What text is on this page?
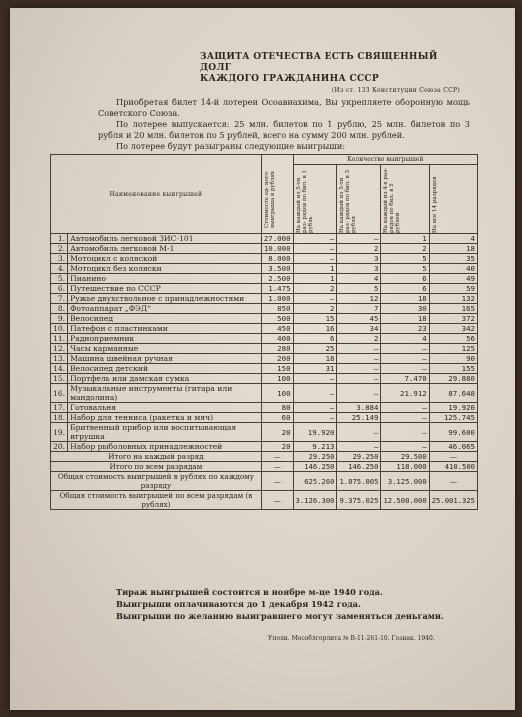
ЗАЩИТА ОТЕЧЕСТВА ЕСТЬ СВЯЩЕННЫЙ ДОЛГ
КАЖДОГО ГРАЖДАНИНА СССР
(Из ст. 133 Конституции Союза ССР)

Приобретая билет 14-й лотереи Осоавиахима, Вы укрепляете оборонную мощь Советского Союза.

По лотерее выпускается: 25 млн. билетов по 1 рублю, 25 млн. билетов по 3 рубля и 20 млн. билетов по 5 рублей, всего на сумму 200 млн. рублей.

По лотерее будут разыграны следующие выигрыши:

Наименование выигрышей		Стоимость од- ного выигрыша в рублях	Количество выигрышей			

			На каждый из 5-ти раз- рядов по бил. в 1 рубль	На каждый из 5-ти раз- рядов по бил. в 3 рубля	На каждый из 4-х раз- рядов по бил. в 5 рублей	На все 14 разрядов

1.	Автомобиль легковой ЗИС-101	27.000	—	—	1	4
2.	Автомобиль легковой М-1	10.000	—	2	2	18
3.	Мотоцикл с коляской	8.000	—	3	5	35
4.	Мотоцикл без коляски	3.500	1	3	5	40
5.	Пианино	2.500	1	4	6	49
6.	Путешествие по СССР	1.475	2	5	6	59
7.	Ружье двухствольное с принадлежностями	1.000	—	12	18	132
8.	Фотоаппарат „ФЭД“	850	2	7	30	165
9.	Велосипед	500	15	45	18	372
10.	Патефон с пластинками	450	16	34	23	342
11.	Радиоприемник	400	6	2	4	56
12.	Часы карманные	280	25	—	—	125
13.	Машина швейная ручная	200	18	—	—	90
14.	Велосипед детский	150	31	—	—	155
15.	Портфель или дамская сумка	100	—	—	7.470	29.880
16.	Музыкальные инструменты (гитара или мандолина)	100	—	—	21.912	87.648
17.	Готовальня	80	—	3.884	—	19.920
18.	Набор для тенниса (ракетка и мяч)	60	—	25.149	—	125.745
19.	Бритвенный прибор или воспитывающая игрушка	20	19.920	—	—	99.600
20.	Набор рыболовных принадлежностей	20	9.213	—	—	46.065
Итого на каждый разряд		—	29.250	29.250	29.500	—
Итого по всем разрядам		—	146.250	146.250	118.000	410.500
Общая стоимость выигрышей в рублях по каждому разряду		—	625.260	1.875.005	3.125.000	—
Общая стоимость выигрышей по всем разрядам (в рублях)		—	3.126.300	9.375.025	12.500.000	25.001.325

Тираж выигрышей состоится в ноябре м-це 1940 года.

Выигрыши оплачиваются до 1 декабря 1942 года.

Выигрыши по желанию выигравшего могут заменяться деньгами.

Уполн. Мособлгорлита № В-11-261-10. Гознак. 1940.
